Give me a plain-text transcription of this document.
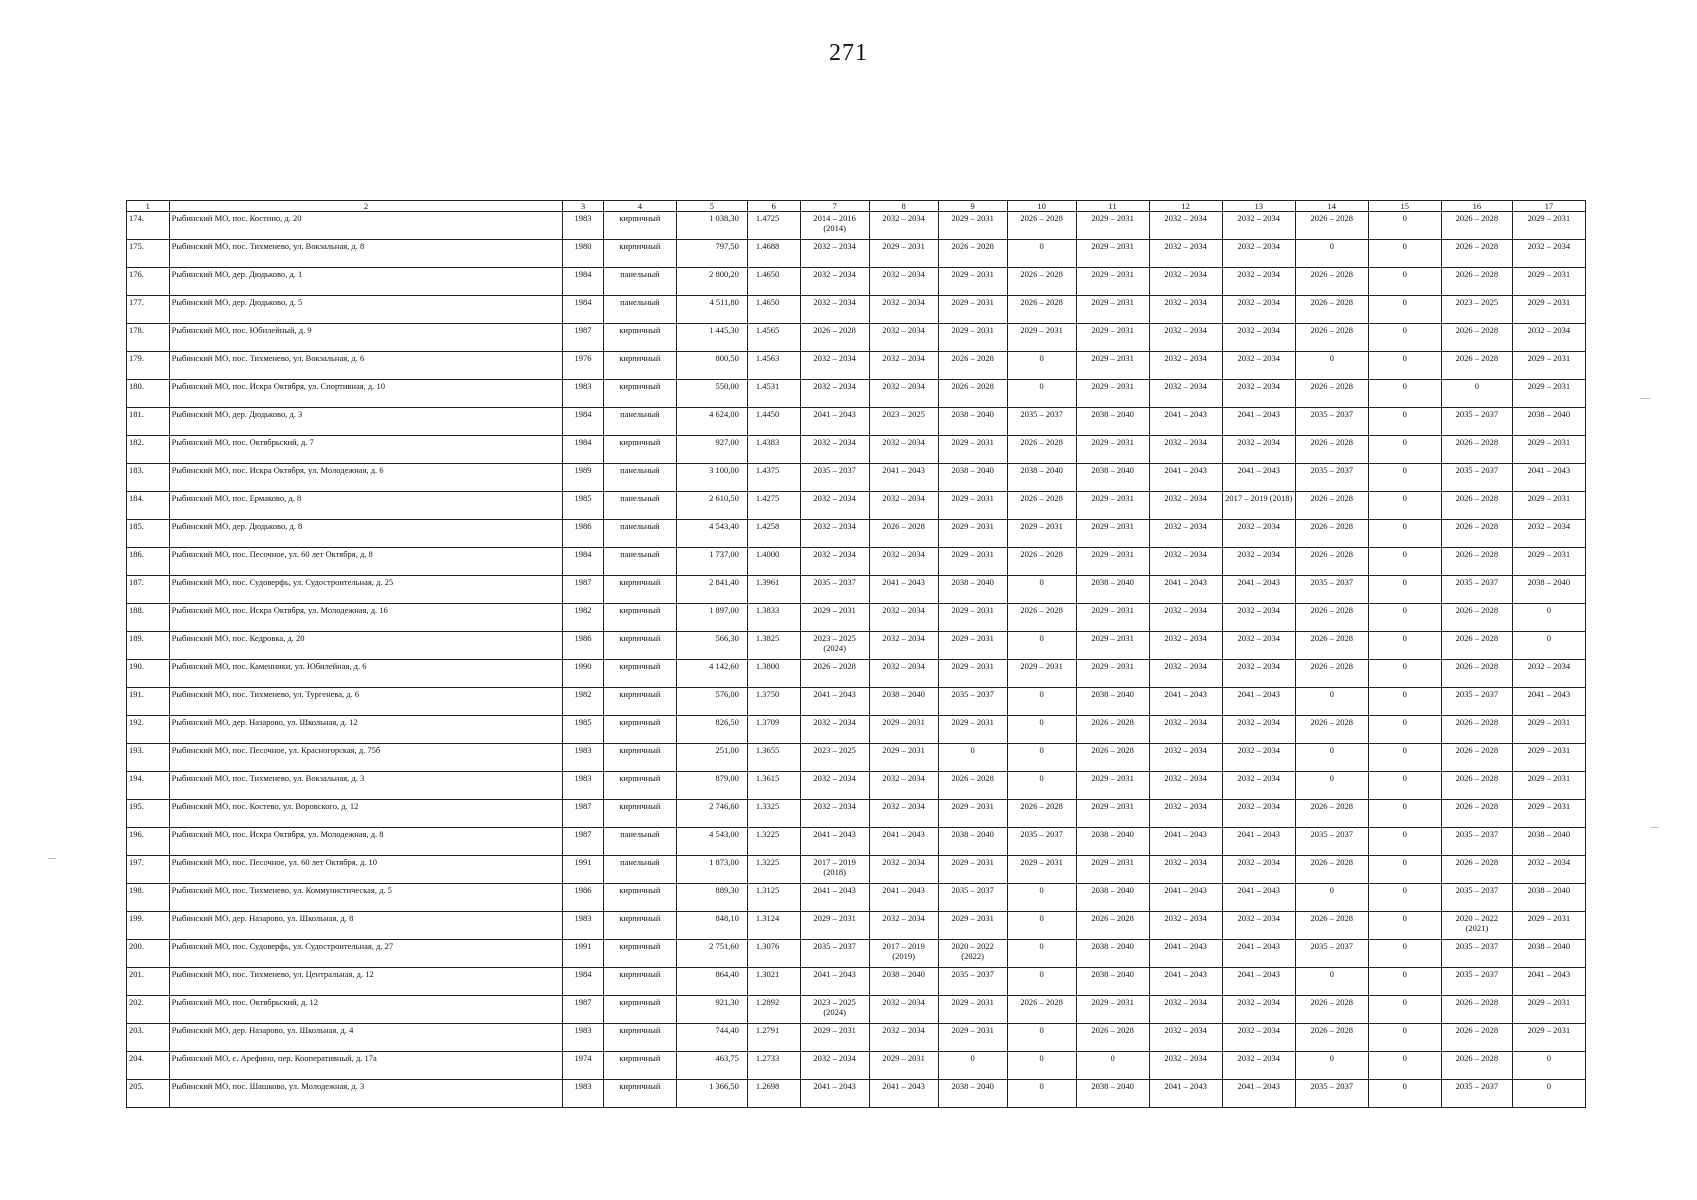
271
1	2	3	4	5	6	7	8	9	10	11	12	13	14	15	16	17
174.	Рыбинский МО, пос. Костино, д. 20	1983	кирпичный	1 038,30	1.4725	2014 – 2016 (2014)	2032 – 2034	2029 – 2031	2026 – 2028	2029 – 2031	2032 – 2034	2032 – 2034	2026 – 2028	0	2026 – 2028	2029 – 2031
175.	Рыбинский МО, пос. Тихменево, ул. Вокзальная, д. 8	1980	кирпичный	797,50	1.4688	2032 – 2034	2029 – 2031	2026 – 2028	0	2029 – 2031	2032 – 2034	2032 – 2034	0	0	2026 – 2028	2032 – 2034
176.	Рыбинский МО, дер. Дюдьково, д. 1	1984	панельный	2 800,20	1.4650	2032 – 2034	2032 – 2034	2029 – 2031	2026 – 2028	2029 – 2031	2032 – 2034	2032 – 2034	2026 – 2028	0	2026 – 2028	2029 – 2031
177.	Рыбинский МО, дер. Дюдьково, д. 5	1984	панельный	4 511,80	1.4650	2032 – 2034	2032 – 2034	2029 – 2031	2026 – 2028	2029 – 2031	2032 – 2034	2032 – 2034	2026 – 2028	0	2023 – 2025	2029 – 2031
178.	Рыбинский МО, пос. Юбилейный, д. 9	1987	кирпичный	1 445,30	1.4565	2026 – 2028	2032 – 2034	2029 – 2031	2029 – 2031	2029 – 2031	2032 – 2034	2032 – 2034	2026 – 2028	0	2026 – 2028	2032 – 2034
179.	Рыбинский МО, пос. Тихменево, ул. Вокзальная, д. 6	1976	кирпичный	800,50	1.4563	2032 – 2034	2032 – 2034	2026 – 2028	0	2029 – 2031	2032 – 2034	2032 – 2034	0	0	2026 – 2028	2029 – 2031
180.	Рыбинский МО, пос. Искра Октября, ул. Спортивная, д. 10	1983	кирпичный	550,00	1.4531	2032 – 2034	2032 – 2034	2026 – 2028	0	2029 – 2031	2032 – 2034	2032 – 2034	2026 – 2028	0	0	2029 – 2031
181.	Рыбинский МО, дер. Дюдьково, д. 3	1984	панельный	4 624,00	1.4450	2041 – 2043	2023 – 2025	2038 – 2040	2035 – 2037	2038 – 2040	2041 – 2043	2041 – 2043	2035 – 2037	0	2035 – 2037	2038 – 2040
182.	Рыбинский МО, пос. Октябрьский, д. 7	1984	кирпичный	927,00	1.4383	2032 – 2034	2032 – 2034	2029 – 2031	2026 – 2028	2029 – 2031	2032 – 2034	2032 – 2034	2026 – 2028	0	2026 – 2028	2029 – 2031
183.	Рыбинский МО, пос. Искра Октября, ул. Молодежная, д. 6	1989	панельный	3 100,00	1.4375	2035 – 2037	2041 – 2043	2038 – 2040	2038 – 2040	2038 – 2040	2041 – 2043	2041 – 2043	2035 – 2037	0	2035 – 2037	2041 – 2043
184.	Рыбинский МО, пос. Ермаково, д. 8	1985	панельный	2 610,50	1.4275	2032 – 2034	2032 – 2034	2029 – 2031	2026 – 2028	2029 – 2031	2032 – 2034	2017 – 2019 (2018)	2026 – 2028	0	2026 – 2028	2029 – 2031
185.	Рыбинский МО, дер. Дюдьково, д. 8	1986	панельный	4 543,40	1.4258	2032 – 2034	2026 – 2028	2029 – 2031	2029 – 2031	2029 – 2031	2032 – 2034	2032 – 2034	2026 – 2028	0	2026 – 2028	2032 – 2034
186.	Рыбинский МО, пос. Песочное, ул. 60 лет Октября, д. 8	1984	панельный	1 737,00	1.4000	2032 – 2034	2032 – 2034	2029 – 2031	2026 – 2028	2029 – 2031	2032 – 2034	2032 – 2034	2026 – 2028	0	2026 – 2028	2029 – 2031
187.	Рыбинский МО, пос. Судоверфь, ул. Судостроительная, д. 25	1987	кирпичный	2 841,40	1.3961	2035 – 2037	2041 – 2043	2038 – 2040	0	2038 – 2040	2041 – 2043	2041 – 2043	2035 – 2037	0	2035 – 2037	2038 – 2040
188.	Рыбинский МО, пос. Искра Октября, ул. Молодежная, д. 16	1982	кирпичный	1 897,00	1.3833	2029 – 2031	2032 – 2034	2029 – 2031	2026 – 2028	2029 – 2031	2032 – 2034	2032 – 2034	2026 – 2028	0	2026 – 2028	0
189.	Рыбинский МО, пос. Кедровка, д. 20	1986	кирпичный	566,30	1.3825	2023 – 2025 (2024)	2032 – 2034	2029 – 2031	0	2029 – 2031	2032 – 2034	2032 – 2034	2026 – 2028	0	2026 – 2028	0
190.	Рыбинский МО, пос. Каменники, ул. Юбилейная, д. 6	1990	кирпичный	4 142,60	1.3800	2026 – 2028	2032 – 2034	2029 – 2031	2029 – 2031	2029 – 2031	2032 – 2034	2032 – 2034	2026 – 2028	0	2026 – 2028	2032 – 2034
191.	Рыбинский МО, пос. Тихменево, ул. Тургенева, д. 6	1982	кирпичный	576,00	1.3750	2041 – 2043	2038 – 2040	2035 – 2037	0	2038 – 2040	2041 – 2043	2041 – 2043	0	0	2035 – 2037	2041 – 2043
192.	Рыбинский МО, дер. Назарово, ул. Школьная, д. 12	1985	кирпичный	826,50	1.3709	2032 – 2034	2029 – 2031	2029 – 2031	0	2026 – 2028	2032 – 2034	2032 – 2034	2026 – 2028	0	2026 – 2028	2029 – 2031
193.	Рыбинский МО, пос. Песочное, ул. Красногорская, д. 75б	1983	кирпичный	251,00	1.3655	2023 – 2025	2029 – 2031	0	0	2026 – 2028	2032 – 2034	2032 – 2034	0	0	2026 – 2028	2029 – 2031
194.	Рыбинский МО, пос. Тихменево, ул. Вокзальная, д. 3	1983	кирпичный	879,00	1.3615	2032 – 2034	2032 – 2034	2026 – 2028	0	2029 – 2031	2032 – 2034	2032 – 2034	0	0	2026 – 2028	2029 – 2031
195.	Рыбинский МО, пос. Костево, ул. Воровского, д. 12	1987	кирпичный	2 746,60	1.3325	2032 – 2034	2032 – 2034	2029 – 2031	2026 – 2028	2029 – 2031	2032 – 2034	2032 – 2034	2026 – 2028	0	2026 – 2028	2029 – 2031
196.	Рыбинский МО, пос. Искра Октября, ул. Молодежная, д. 8	1987	панельный	4 543,00	1.3225	2041 – 2043	2041 – 2043	2038 – 2040	2035 – 2037	2038 – 2040	2041 – 2043	2041 – 2043	2035 – 2037	0	2035 – 2037	2038 – 2040
197.	Рыбинский МО, пос. Песочное, ул. 60 лет Октября, д. 10	1991	панельный	1 873,00	1.3225	2017 – 2019 (2018)	2032 – 2034	2029 – 2031	2029 – 2031	2029 – 2031	2032 – 2034	2032 – 2034	2026 – 2028	0	2026 – 2028	2032 – 2034
198.	Рыбинский МО, пос. Тихменево, ул. Коммунистическая, д. 5	1986	кирпичный	889,30	1.3125	2041 – 2043	2041 – 2043	2035 – 2037	0	2038 – 2040	2041 – 2043	2041 – 2043	0	0	2035 – 2037	2038 – 2040
199.	Рыбинский МО, дер. Назарово, ул. Школьная, д. 8	1983	кирпичный	848,10	1.3124	2029 – 2031	2032 – 2034	2029 – 2031	0	2026 – 2028	2032 – 2034	2032 – 2034	2026 – 2028	0	2020 – 2022 (2021)	2029 – 2031
200.	Рыбинский МО, пос. Судоверфь, ул. Судостроительная, д. 27	1991	кирпичный	2 751,60	1.3076	2035 – 2037	2017 – 2019 (2019)	2020 – 2022 (2022)	0	2038 – 2040	2041 – 2043	2041 – 2043	2035 – 2037	0	2035 – 2037	2038 – 2040
201.	Рыбинский МО, пос. Тихменево, ул. Центральная, д. 12	1984	кирпичный	864,40	1.3021	2041 – 2043	2038 – 2040	2035 – 2037	0	2038 – 2040	2041 – 2043	2041 – 2043	0	0	2035 – 2037	2041 – 2043
202.	Рыбинский МО, пос. Октябрьский, д. 12	1987	кирпичный	921,30	1.2892	2023 – 2025 (2024)	2032 – 2034	2029 – 2031	2026 – 2028	2029 – 2031	2032 – 2034	2032 – 2034	2026 – 2028	0	2026 – 2028	2029 – 2031
203.	Рыбинский МО, дер. Назарово, ул. Школьная, д. 4	1983	кирпичный	744,40	1.2791	2029 – 2031	2032 – 2034	2029 – 2031	0	2026 – 2028	2032 – 2034	2032 – 2034	2026 – 2028	0	2026 – 2028	2029 – 2031
204.	Рыбинский МО, с. Арефино, пер. Кооперативный, д. 17а	1974	кирпичный	463,75	1.2733	2032 – 2034	2029 – 2031	0	0	0	2032 – 2034	2032 – 2034	0	0	2026 – 2028	0
205.	Рыбинский МО, пос. Шашково, ул. Молодежная, д. 3	1983	кирпичный	1 366,50	1.2698	2041 – 2043	2041 – 2043	2038 – 2040	0	2038 – 2040	2041 – 2043	2041 – 2043	2035 – 2037	0	2035 – 2037	0
